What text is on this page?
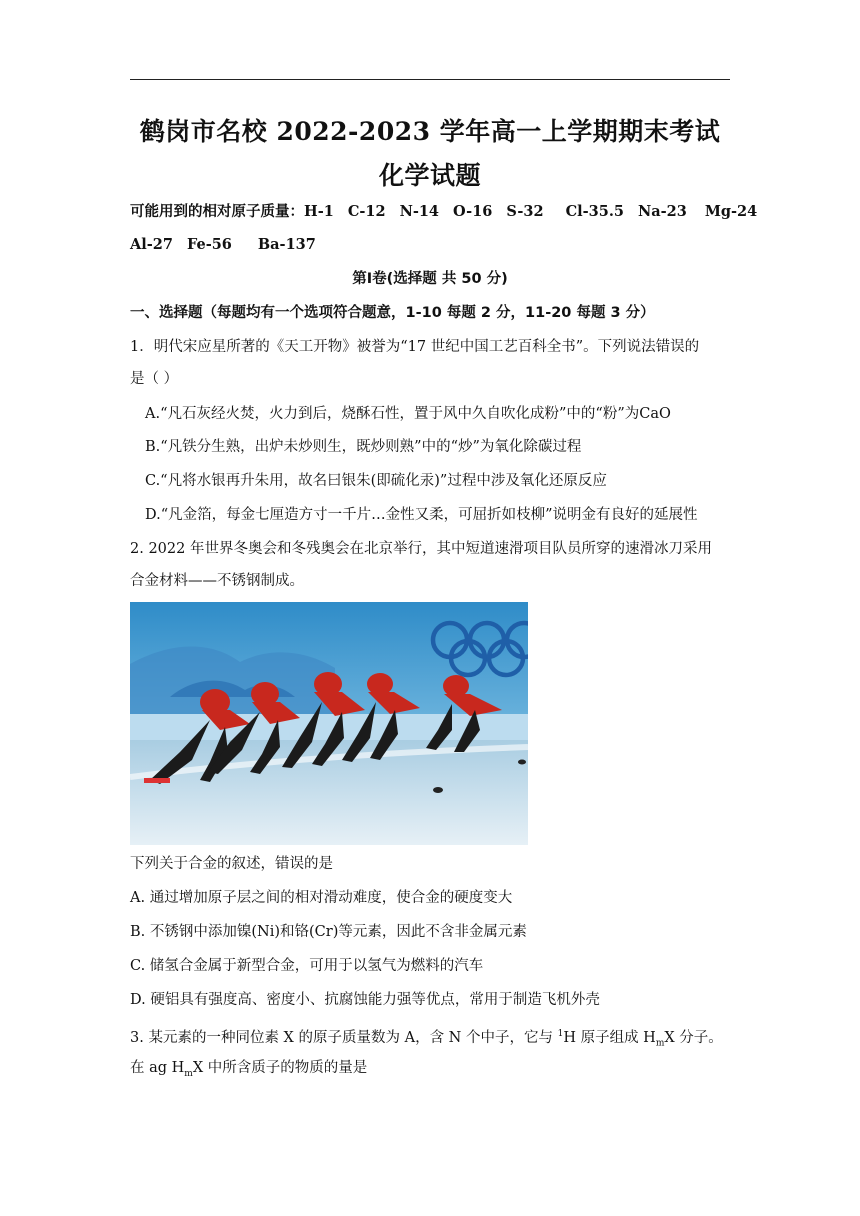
鹤岗市名校 2022-2023 学年高一上学期期末考试
化学试题
可能用到的相对原子质量：H-1 C-12 N-14 O-16 S-32 Cl-35.5 Na-23 Mg-24
Al-27 Fe-56 Ba-137
第Ⅰ卷(选择题 共 50 分)
一、选择题（每题均有一个选项符合题意，1-10 每题 2 分，11-20 每题 3 分）
1．明代宋应星所著的《天工开物》被誉为“17 世纪中国工艺百科全书”。下列说法错误的
是（ ）
A.“凡石灰经火焚，火力到后，烧酥石性，置于风中久自吹化成粉”中的“粉”为CaO
B.“凡铁分生熟，出炉未炒则生，既炒则熟”中的“炒”为氧化除碳过程
C.“凡将水银再升朱用，故名曰银朱(即硫化汞)”过程中涉及氧化还原反应
D.“凡金箔，每金七厘造方寸一千片…金性又柔，可屈折如枝柳”说明金有良好的延展性
2. 2022 年世界冬奥会和冬残奥会在北京举行，其中短道速滑项目队员所穿的速滑冰刀采用
合金材料——不锈钢制成。
下列关于合金的叙述，错误的是
A. 通过增加原子层之间的相对滑动难度，使合金的硬度变大
B. 不锈钢中添加镍(Ni)和铬(Cr)等元素，因此不含非金属元素
C. 储氢合金属于新型合金，可用于以氢气为燃料的汽车
D. 硬铝具有强度高、密度小、抗腐蚀能力强等优点，常用于制造飞机外壳
3. 某元素的一种同位素 X 的原子质量数为 A，含 N 个中子，它与 $^1$H 原子组成 $H_mX$ 分子。
在 ag $H_mX$ 中所含质子的物质的量是
